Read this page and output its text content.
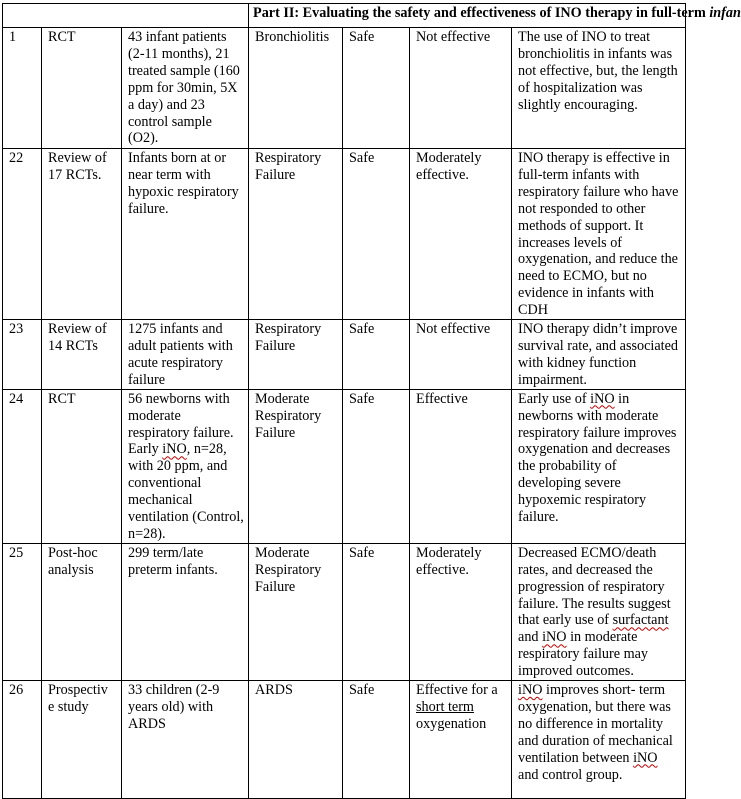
			Part II: Evaluating the safety and effectiveness of INO therapy in full-term infan			
1	RCT	43 infant patients (2-11 months), 21 treated sample (160 ppm for 30min, 5X a day) and 23 control sample (O2).	Bronchiolitis	Safe	Not effective	The use of INO to treat bronchiolitis in infants was not effective, but, the length of hospitalization was slightly encouraging.
22	Review of 17 RCTs.	Infants born at or near term with hypoxic respiratory failure.	Respiratory Failure	Safe	Moderately effective.	INO therapy is effective in full-term infants with respiratory failure who have not responded to other methods of support. It increases levels of oxygenation, and reduce the need to ECMO, but no evidence in infants with CDH
23	Review of 14 RCTs	1275 infants and adult patients with acute respiratory failure	Respiratory Failure	Safe	Not effective	INO therapy didn’t improve survival rate, and associated with kidney function impairment.
24	RCT	56 newborns with moderate respiratory failure. Early iNO, n=28, with 20 ppm, and conventional mechanical ventilation (Control, n=28).	Moderate Respiratory Failure	Safe	Effective	Early use of iNO in newborns with moderate respiratory failure improves oxygenation and decreases the probability of developing severe hypoxemic respiratory failure.
25	Post-hoc analysis	299 term/late preterm infants.	Moderate Respiratory Failure	Safe	Moderately effective.	Decreased ECMO/death rates, and decreased the progression of respiratory failure. The results suggest that early use of surfactant and iNO in moderate respiratory failure may improved outcomes.
26	Prospectiv e study	33 children (2-9 years old) with ARDS	ARDS	Safe	Effective for a short term oxygenation	iNO improves short- term oxygenation, but there was no difference in mortality and duration of mechanical ventilation between iNO and control group.
